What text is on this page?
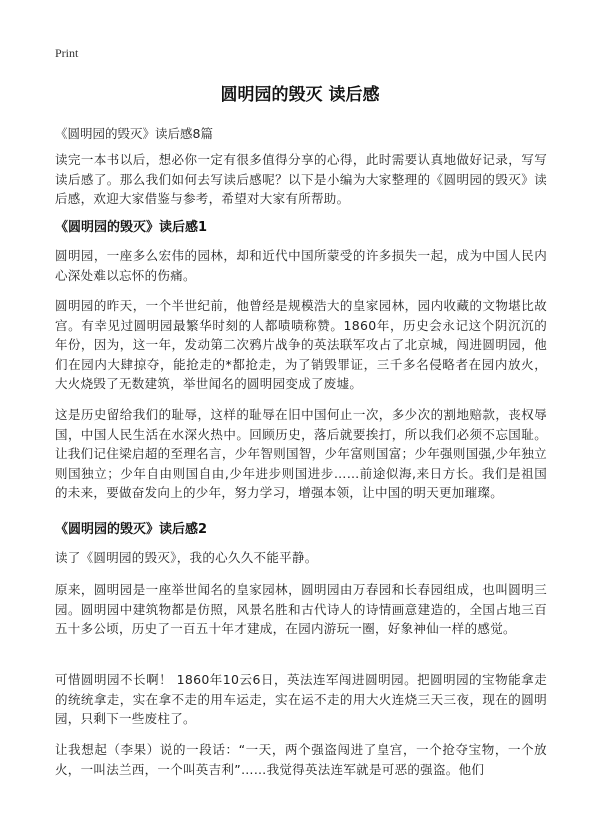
Print
圆明园的毁灭 读后感
《圆明园的毁灭》读后感8篇

读完一本书以后，想必你一定有很多值得分享的心得，此时需要认真地做好记录，写写读后感了。那么我们如何去写读后感呢？以下是小编为大家整理的《圆明园的毁灭》读后感，欢迎大家借鉴与参考，希望对大家有所帮助。

《圆明园的毁灭》读后感1

圆明园，一座多么宏伟的园林，却和近代中国所蒙受的许多损失一起，成为中国人民内心深处难以忘怀的伤痛。

圆明园的昨天，一个半世纪前，他曾经是规模浩大的皇家园林，园内收藏的文物堪比故宫。有幸见过圆明园最繁华时刻的人都啧啧称赞。1860年，历史会永记这个阴沉沉的年份，因为，这一年，发动第二次鸦片战争的英法联军攻占了北京城，闯进圆明园，他们在园内大肆掠夺，能抢走的*都抢走，为了销毁罪证，三千多名侵略者在园内放火，大火烧毁了无数建筑，举世闻名的圆明园变成了废墟。

这是历史留给我们的耻辱，这样的耻辱在旧中国何止一次，多少次的割地赔款，丧权辱国，中国人民生活在水深火热中。回顾历史，落后就要挨打，所以我们必须不忘国耻。让我们记住梁启超的至理名言，少年智则国智，少年富则国富；少年强则国强,少年独立则国独立；少年自由则国自由,少年进步则国进步……前途似海,来日方长。我们是祖国的未来，要做奋发向上的少年，努力学习，增强本领，让中国的明天更加璀璨。

《圆明园的毁灭》读后感2

读了《圆明园的毁灭》，我的心久久不能平静。

原来，圆明园是一座举世闻名的皇家园林，圆明园由万春园和长春园组成，也叫圆明三园。圆明园中建筑物都是仿照，风景名胜和古代诗人的诗情画意建造的，全国占地三百五十多公顷，历史了一百五十年才建成，在园内游玩一圈，好象神仙一样的感觉。

可惜圆明园不长啊！ 1860年10云6日，英法连军闯进圆明园。把圆明园的宝物能拿走的统统拿走，实在拿不走的用车运走，实在运不走的用大火连烧三天三夜，现在的圆明园，只剩下一些废柱了。

让我想起（李果）说的一段话：“一天，两个强盗闯进了皇宫，一个抢夺宝物，一个放火，一叫法兰西，一个叫英吉利”……我觉得英法连军就是可恶的强盗。他们
